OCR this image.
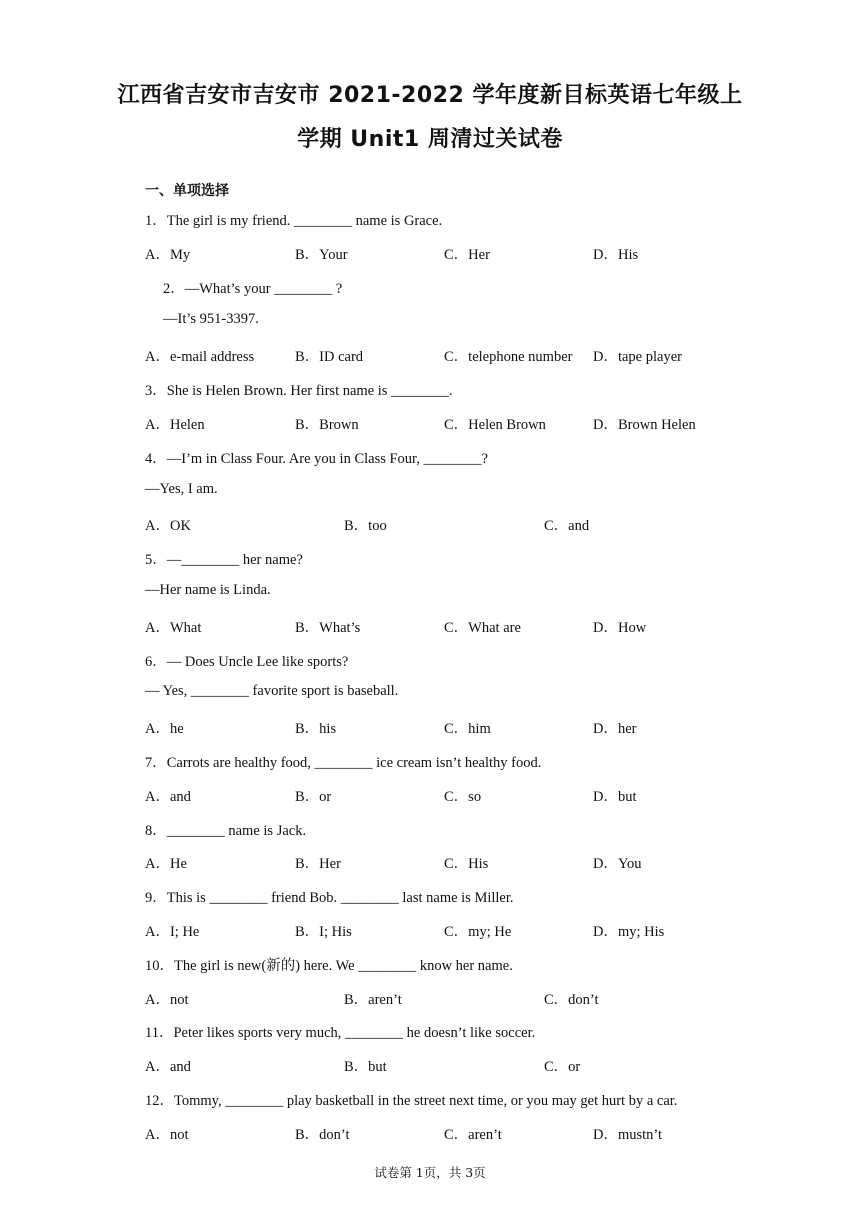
江西省吉安市吉安市 2021-2022 学年度新目标英语七年级上
学期 Unit1 周清过关试卷
一、单项选择
1．The girl is my friend. ________ name is Grace.
A．My	B．Your	C．Her	D．His
2．—What’s your ________ ?
—It’s 951-3397.
A．e-mail address	B．ID card	C．telephone number D．tape player
3．She is Helen Brown. Her first name is ________.
A．Helen	B．Brown	C．Helen Brown	D．Brown Helen
4．—I’m in Class Four. Are you in Class Four, ________?
—Yes, I am.
A．OK	B．too	C．and
5．—________ her name?
—Her name is Linda.
A．What	B．What’s	C．What are	D．How
6．— Does Uncle Lee like sports?
— Yes, ________ favorite sport is baseball.
A．he	B．his	C．him	D．her
7．Carrots are healthy food, ________ ice cream isn’t healthy food.
A．and	B．or	C．so	D．but
8．________ name is Jack.
A．He	B．Her	C．His	D．You
9．This is ________ friend Bob. ________ last name is Miller.
A．I; He	B．I; His	C．my; He	D．my; His
10．The girl is new(新的) here. We ________ know her name.
A．not	B．aren’t	C．don’t
11．Peter likes sports very much, ________ he doesn’t like soccer.
A．and	B．but	C．or
12．Tommy, ________ play basketball in the street next time, or you may get hurt by a car.
A．not	B．don’t	C．aren’t	D．mustn’t
试卷第 1页，共 3页
